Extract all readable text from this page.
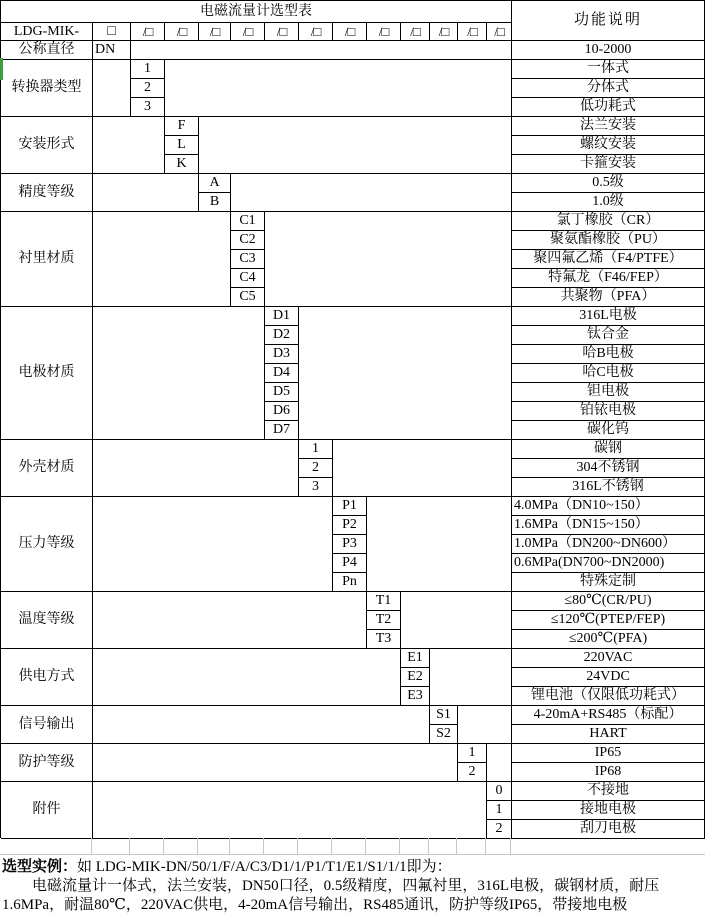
电磁流量计选型表
功能说明
LDG-MIK-	□	/□	/□	/□	/□	/□	/□	/□	/□	/□	/□	/□	/□
公称直径	DN	10-2000
转换器类型
1	一体式
2	分体式
3	低功耗式
安装形式
F	法兰安装
L	螺纹安装
K	卡箍安装
精度等级
A	0.5级
B	1.0级
衬里材质
C1	氯丁橡胶（CR）
C2	聚氨酯橡胶（PU）
C3	聚四氟乙烯（F4/PTFE）
C4	特氟龙（F46/FEP）
C5	共聚物（PFA）
电极材质
D1	316L电极
D2	钛合金
D3	哈B电极
D4	哈C电极
D5	钽电极
D6	铂铱电极
D7	碳化钨
外壳材质
1	碳钢
2	304不锈钢
3	316L不锈钢
压力等级
P1	4.0MPa（DN10~150）
P2	1.6MPa（DN15~150）
P3	1.0MPa（DN200~DN600）
P4	0.6MPa(DN700~DN2000)
Pn	特殊定制
温度等级
T1	≤80℃(CR/PU)
T2	≤120℃(PTEP/FEP)
T3	≤200℃(PFA)
供电方式
E1	220VAC
E2	24VDC
E3	锂电池（仅限低功耗式）
信号输出
S1	4-20mA+RS485（标配）
S2	HART
防护等级
1	IP65
2	IP68
附件
0	不接地
1	接地电极
2	刮刀电极
选型实例：如 LDG-MIK-DN/50/1/F/A/C3/D1/1/P1/T1/E1/S1/1/1即为：
电磁流量计一体式，法兰安装，DN50口径，0.5级精度，四氟衬里，316L电极，碳钢材质，耐压
1.6MPa，耐温80℃，220VAC供电，4-20mA信号输出，RS485通讯，防护等级IP65，带接地电极
